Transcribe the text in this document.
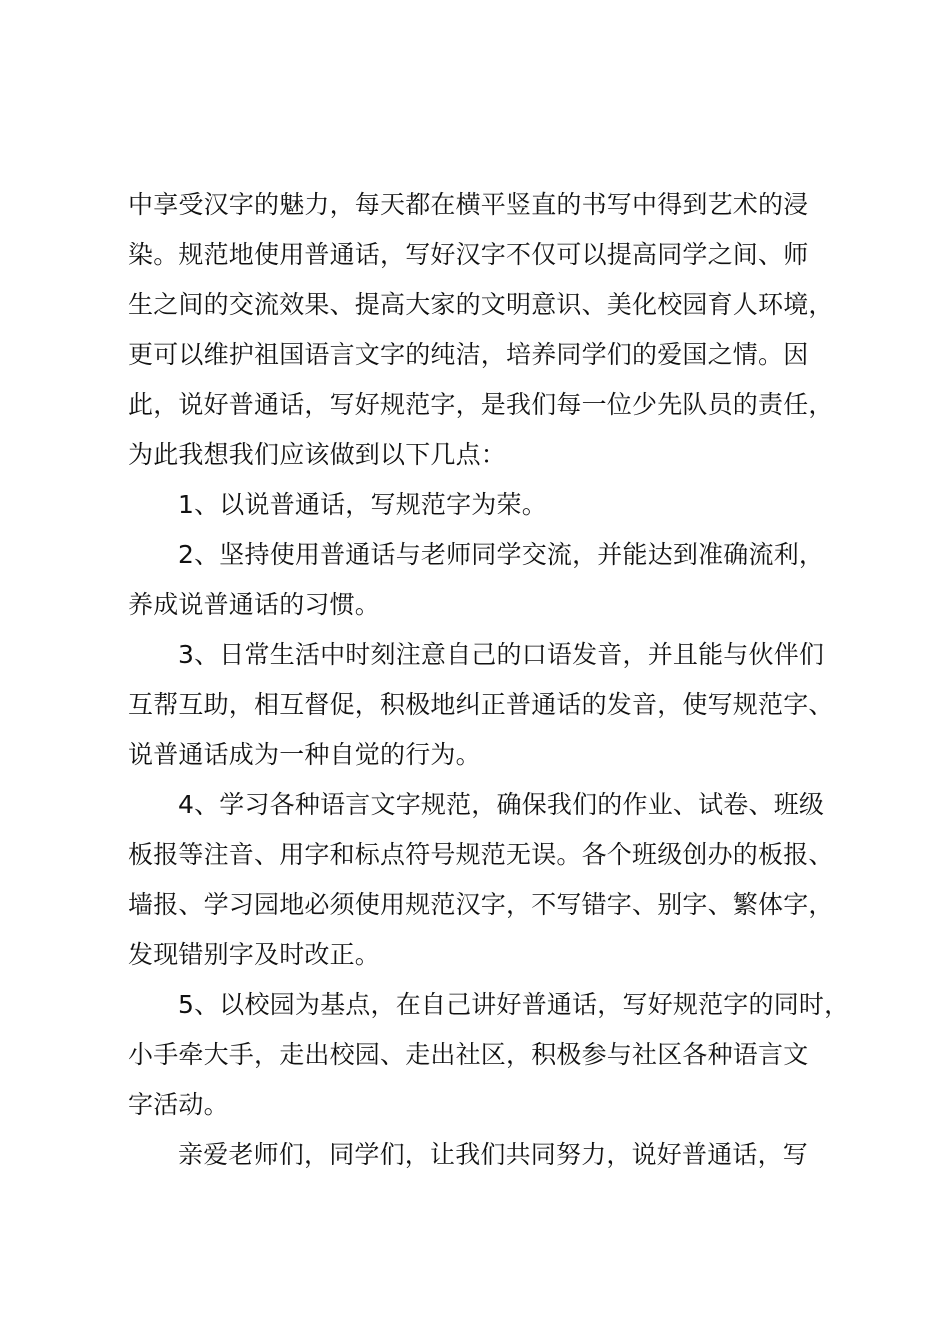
中享受汉字的魅力，每天都在横平竖直的书写中得到艺术的浸
染。规范地使用普通话，写好汉字不仅可以提高同学之间、师
生之间的交流效果、提高大家的文明意识、美化校园育人环境，
更可以维护祖国语言文字的纯洁，培养同学们的爱国之情。因
此，说好普通话，写好规范字，是我们每一位少先队员的责任，
为此我想我们应该做到以下几点：
1、以说普通话，写规范字为荣。
2、坚持使用普通话与老师同学交流，并能达到准确流利，
养成说普通话的习惯。
3、日常生活中时刻注意自己的口语发音，并且能与伙伴们
互帮互助，相互督促，积极地纠正普通话的发音，使写规范字、
说普通话成为一种自觉的行为。
4、学习各种语言文字规范，确保我们的作业、试卷、班级
板报等注音、用字和标点符号规范无误。各个班级创办的板报、
墙报、学习园地必须使用规范汉字，不写错字、别字、繁体字，
发现错别字及时改正。
5、以校园为基点，在自己讲好普通话，写好规范字的同时，
小手牵大手，走出校园、走出社区，积极参与社区各种语言文
字活动。
亲爱老师们，同学们，让我们共同努力，说好普通话，写
